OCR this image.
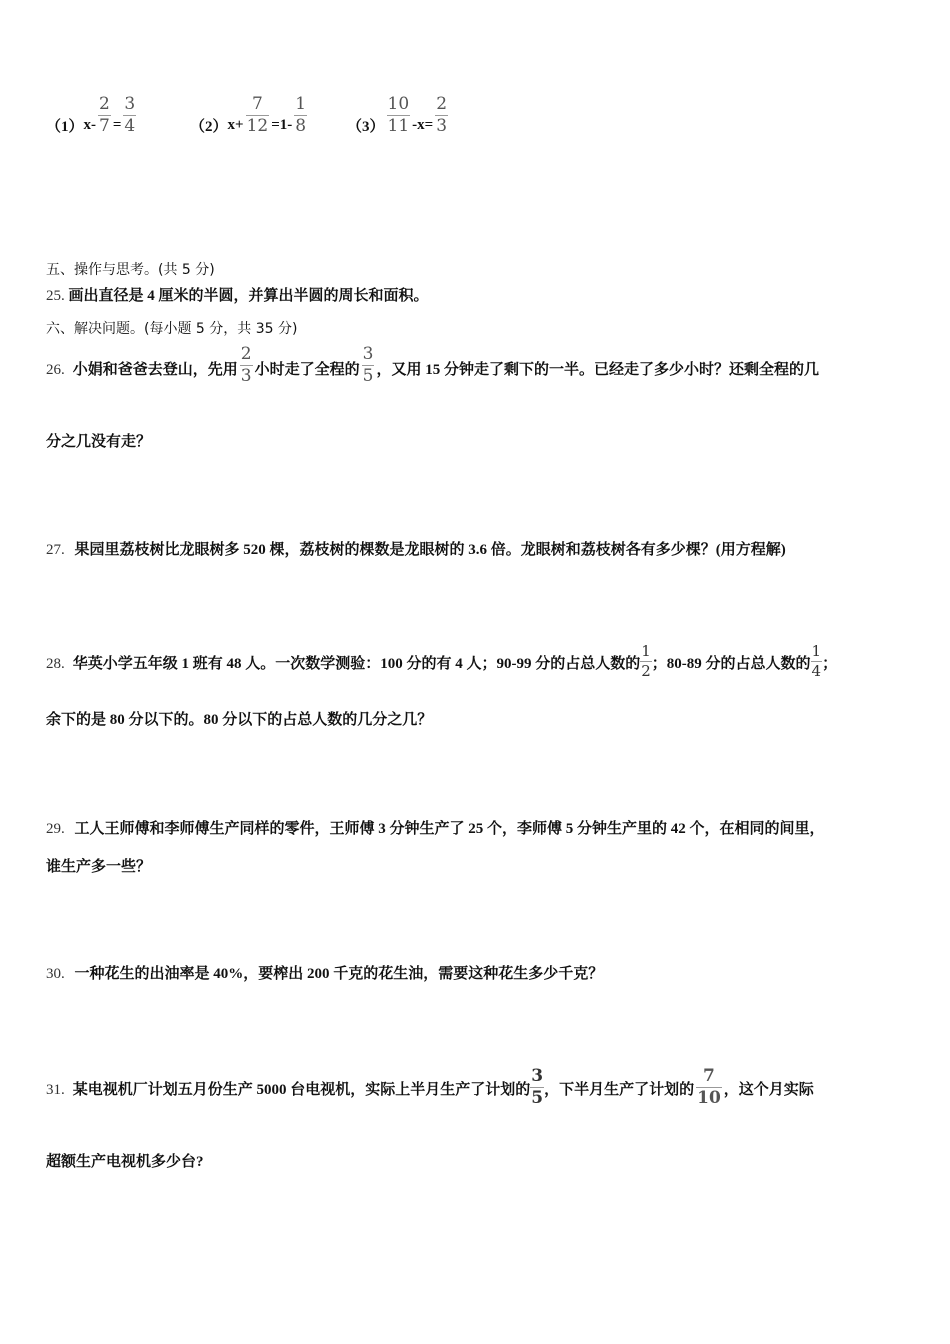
（1） $x- \frac{2}{7} = \frac{3}{4}$	（2） $x+ \frac{7}{12} =1- \frac{1}{8}$	$(3) \frac{10}{11} -x= \frac{2}{3}$
五、操作与思考。(共 5 分)
25. 画出直径是 4 厘米的半圆，并算出半圆的周长和面积。
六、解决问题。(每小题 5 分，共 35 分)
26. 小娟和爸爸去登山，先用 $\frac{2}{3}$ 小时走了全程的 $\frac{3}{5}$ ，又用 15 分钟走了剩下的一半。已经走了多少小时？还剩全程的几
分之几没有走？
27. 果园里荔枝树比龙眼树多 520 棵，荔枝树的棵数是龙眼树的 3.6 倍。龙眼树和荔枝树各有多少棵？(用方程解)
28. 华英小学五年级 1 班有 48 人。一次数学测验：100 分的有 4 人；90-99 分的占总人数的 $\frac{1}{2}$ ；80-89 分的占总人数的 $\frac{1}{4}$ ；
余下的是 80 分以下的。80 分以下的占总人数的几分之几？
29. 工人王师傅和李师傅生产同样的零件，王师傅 3 分钟生产了 25 个，李师傅 5 分钟生产里的 42 个，在相同的间里，
谁生产多一些？
30. 一种花生的出油率是 40%，要榨出 200 千克的花生油，需要这种花生多少千克？
31. 某电视机厂计划五月份生产 5000 台电视机，实际上半月生产了计划的 $\frac{3}{5}$ ，下半月生产了计划的 $\frac{7}{10}$ ，这个月实际
超额生产电视机多少台?
